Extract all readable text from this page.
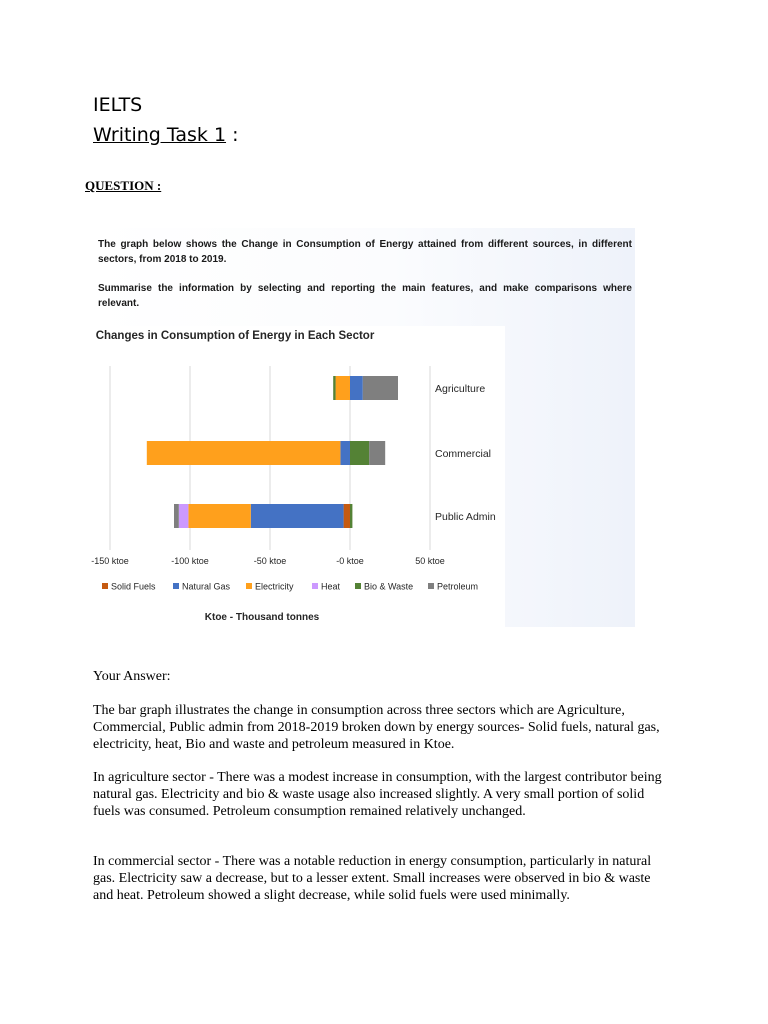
IELTS
Writing Task 1 :
QUESTION :
The graph below shows the Change in Consumption of Energy attained from different sources, in different sectors, from 2018 to 2019.
Summarise the information by selecting and reporting the main features, and make comparisons where relevant.
Changes in Consumption of Energy in Each Sector
Agriculture
Commercial
Public Admin
-150 ktoe	-100 ktoe	-50 ktoe	-0 ktoe	50 ktoe
Solid Fuels	Natural Gas	Electricity	Heat	Bio & Waste	Petroleum
Ktoe - Thousand tonnes
Your Answer:
The bar graph illustrates the change in consumption across three sectors which are Agriculture, Commercial, Public admin from 2018-2019 broken down by energy sources- Solid fuels, natural gas, electricity, heat, Bio and waste and petroleum measured in Ktoe.
In agriculture sector - There was a modest increase in consumption, with the largest contributor being natural gas. Electricity and bio & waste usage also increased slightly. A very small portion of solid fuels was consumed. Petroleum consumption remained relatively unchanged.
In commercial sector - There was a notable reduction in energy consumption, particularly in natural gas. Electricity saw a decrease, but to a lesser extent. Small increases were observed in bio & waste and heat. Petroleum showed a slight decrease, while solid fuels were used minimally.
